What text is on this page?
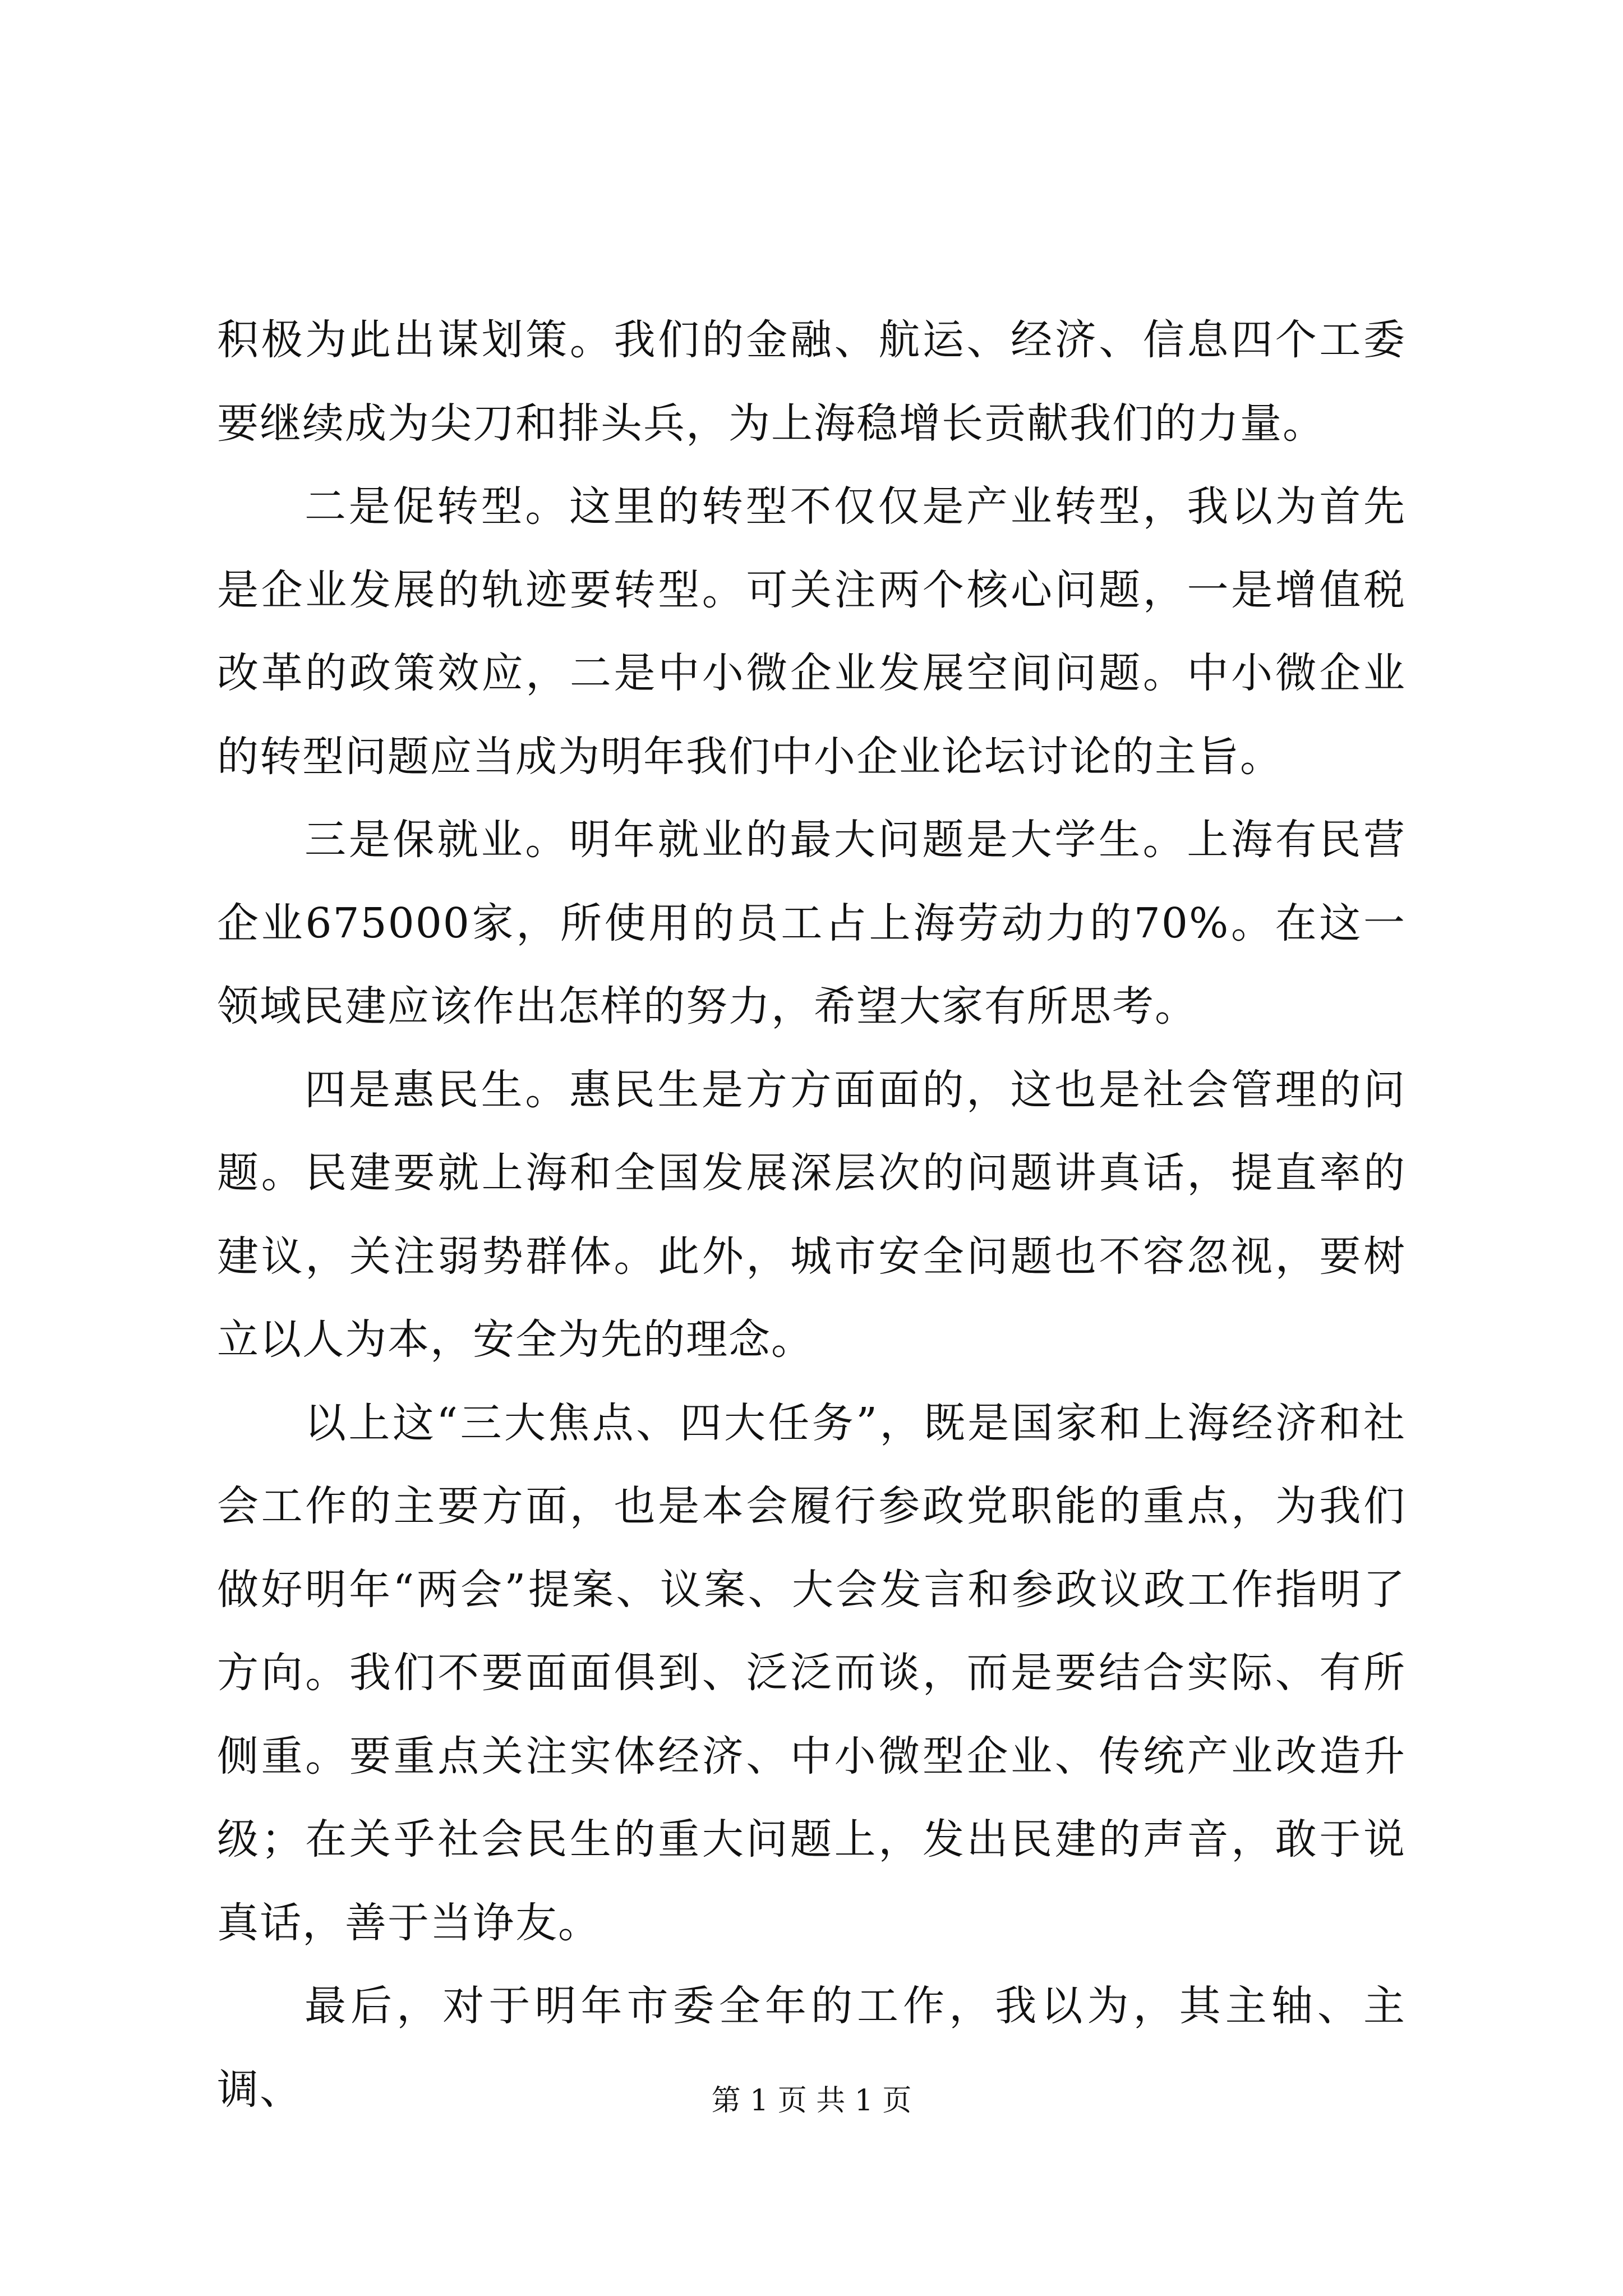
积极为此出谋划策。我们的金融、航运、经济、信息四个工委要继续成为尖刀和排头兵，为上海稳增长贡献我们的力量。

二是促转型。这里的转型不仅仅是产业转型，我以为首先是企业发展的轨迹要转型。可关注两个核心问题，一是增值税改革的政策效应，二是中小微企业发展空间问题。中小微企业的转型问题应当成为明年我们中小企业论坛讨论的主旨。

三是保就业。明年就业的最大问题是大学生。上海有民营企业675000家，所使用的员工占上海劳动力的70%。在这一领域民建应该作出怎样的努力，希望大家有所思考。

四是惠民生。惠民生是方方面面的，这也是社会管理的问题。民建要就上海和全国发展深层次的问题讲真话，提直率的建议，关注弱势群体。此外，城市安全问题也不容忽视，要树立以人为本，安全为先的理念。

以上这“三大焦点、四大任务”，既是国家和上海经济和社会工作的主要方面，也是本会履行参政党职能的重点，为我们做好明年“两会”提案、议案、大会发言和参政议政工作指明了方向。我们不要面面俱到、泛泛而谈，而是要结合实际、有所侧重。要重点关注实体经济、中小微型企业、传统产业改造升级；在关乎社会民生的重大问题上，发出民建的声音，敢于说真话，善于当诤友。

最后，对于明年市委全年的工作，我以为，其主轴、主调、	第 1 页 共 1 页
